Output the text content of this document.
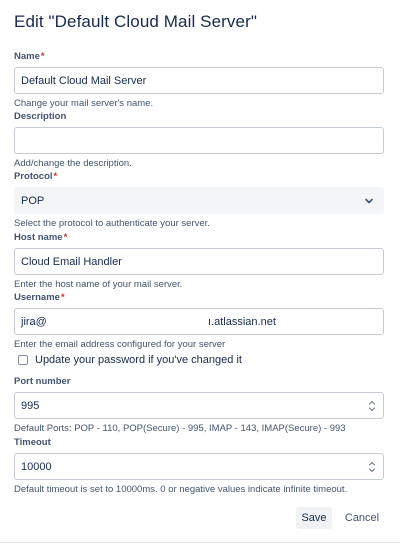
Edit "Default Cloud Mail Server"
Name*
Default Cloud Mail Server
Change your mail server's name.
Description
Add/change the description.
Protocol*
POP
Select the protocol to authenticate your server.
Host name*
Cloud Email Handler
Enter the host name of your mail server.
Username*
jira@	ı.atlassian.net
Enter the email address configured for your server
Update your password if you've changed it
Port number
995
Default Ports: POP - 110, POP(Secure) - 995, IMAP - 143, IMAP(Secure) - 993
Timeout
10000
Default timeout is set to 10000ms. 0 or negative values indicate infinite timeout.
Save	Cancel
